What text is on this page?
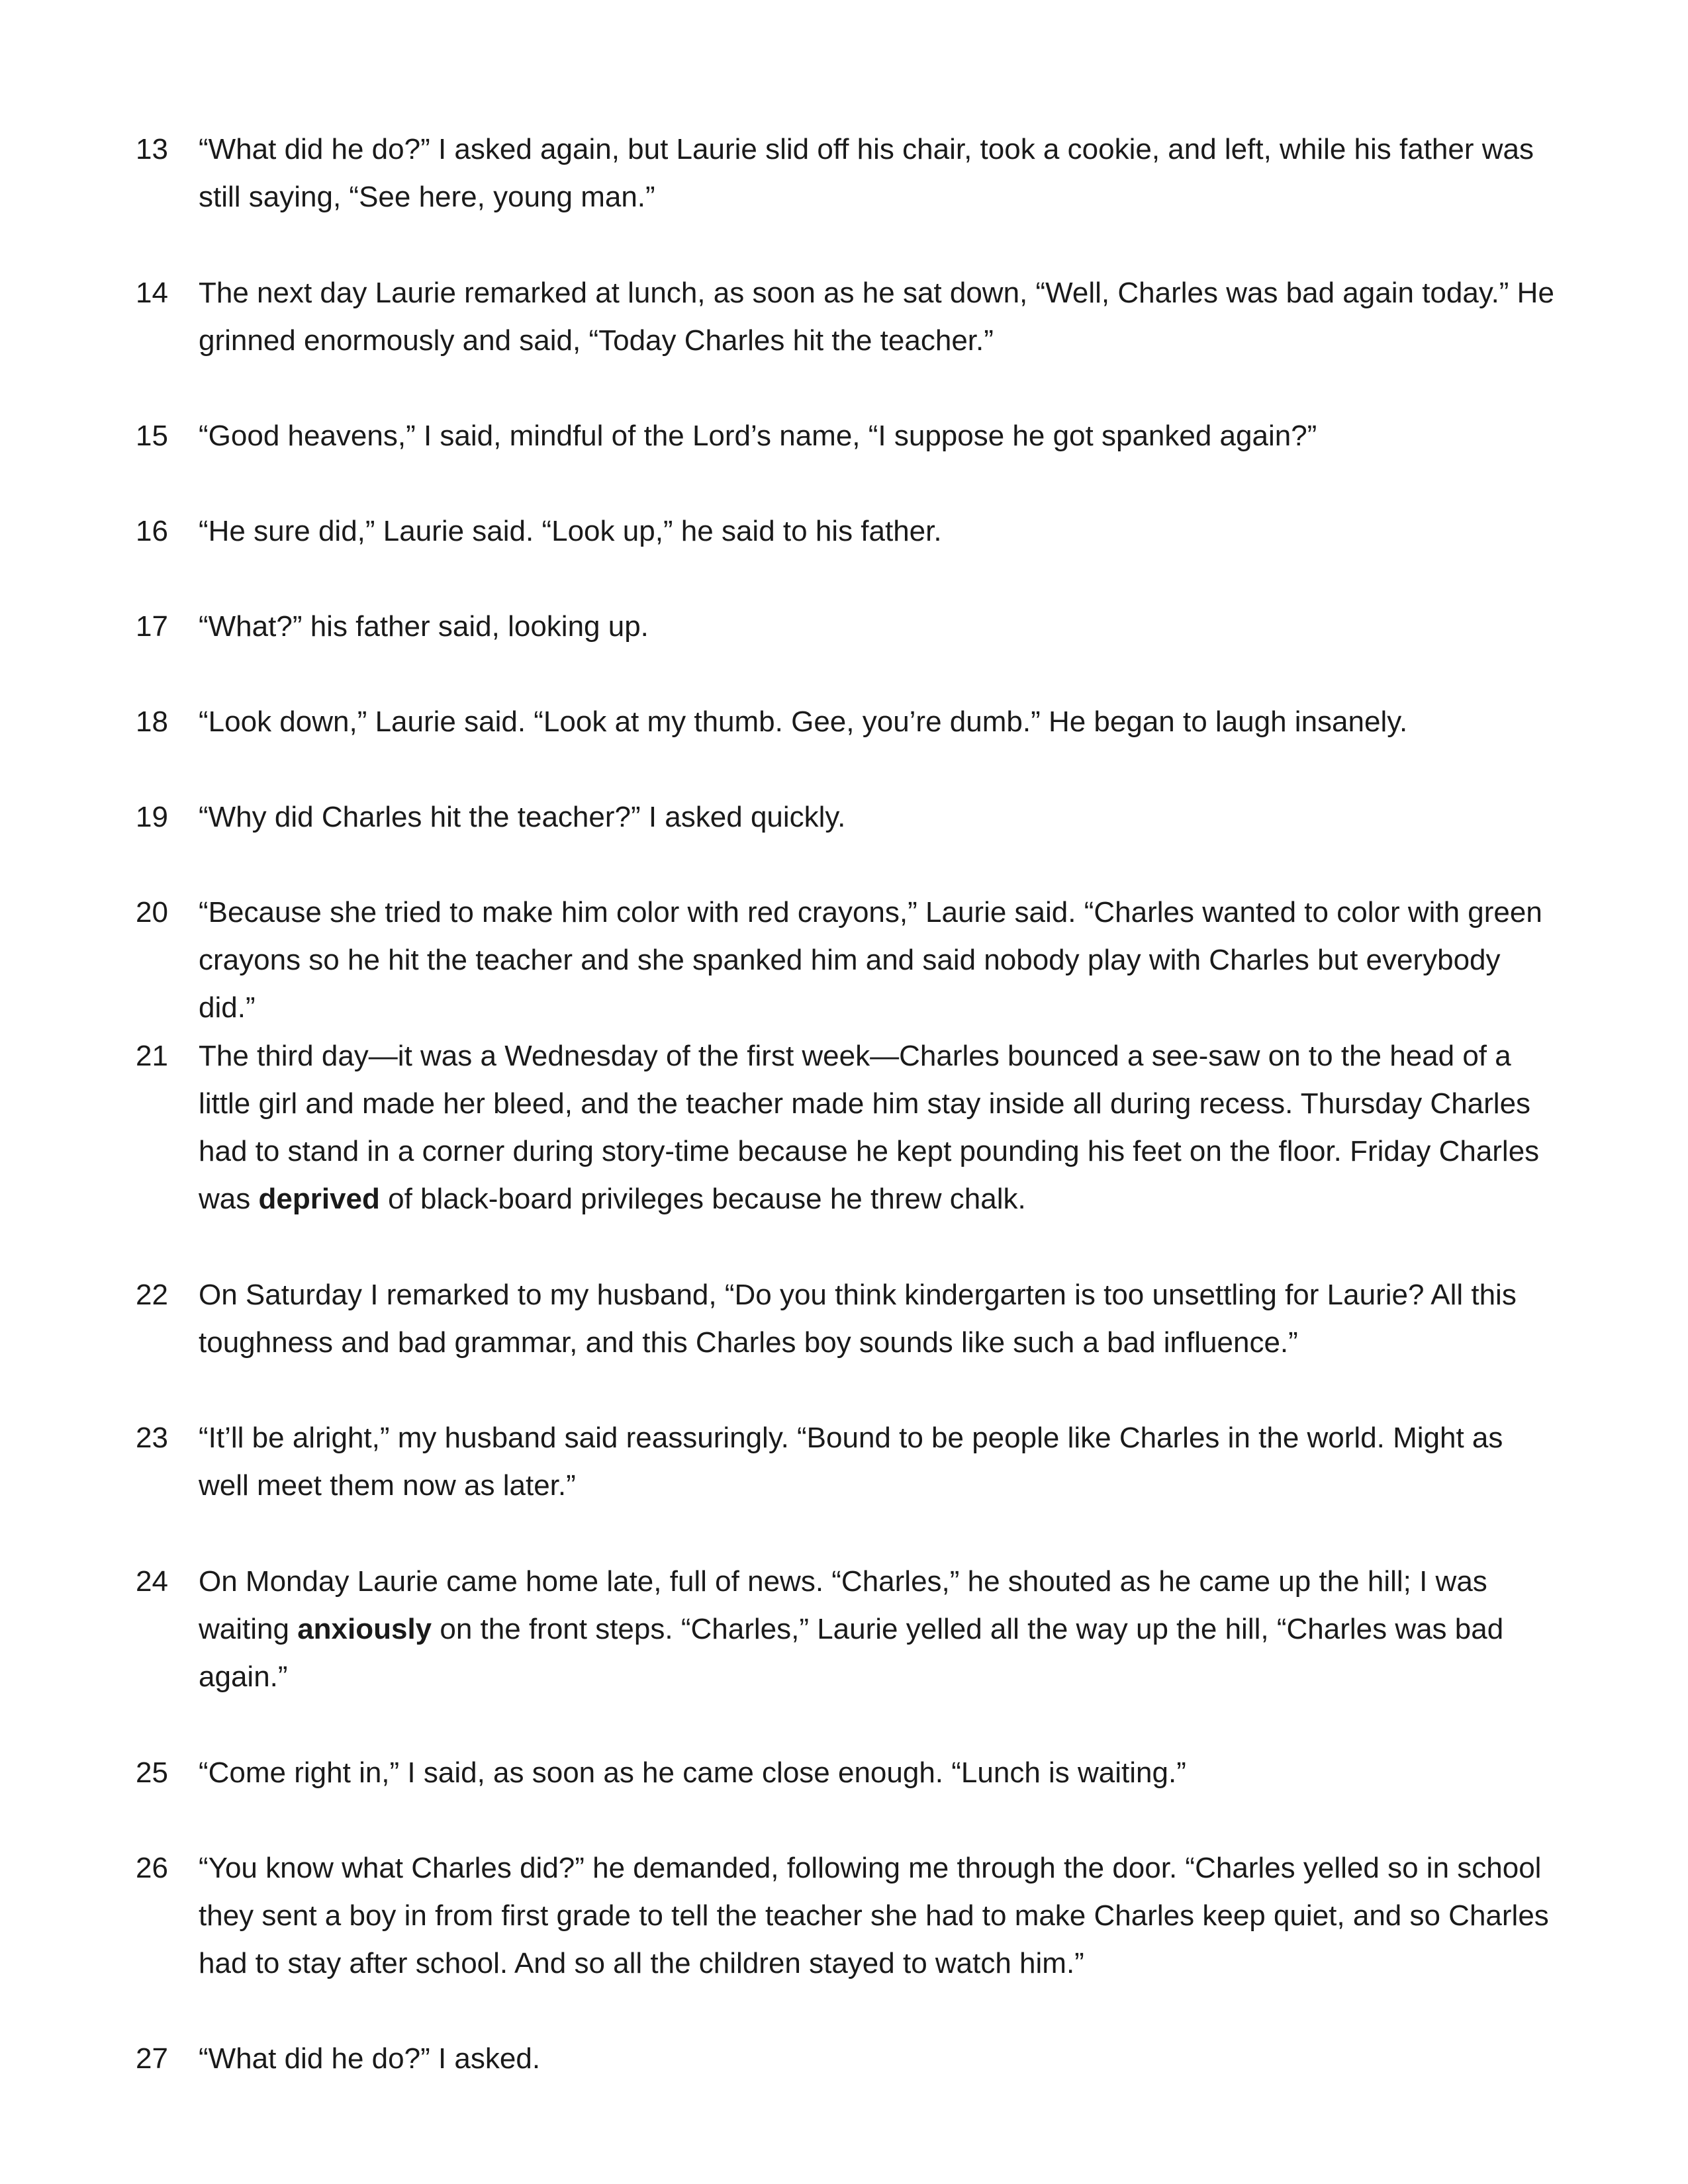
13 “What did he do?” I asked again, but Laurie slid off his chair, took a cookie, and left, while his father was still saying, “See here, young man.”
14 The next day Laurie remarked at lunch, as soon as he sat down, “Well, Charles was bad again today.” He grinned enormously and said, “Today Charles hit the teacher.”
15 “Good heavens,” I said, mindful of the Lord’s name, “I suppose he got spanked again?”
16 “He sure did,” Laurie said. “Look up,” he said to his father.
17 “What?” his father said, looking up.
18 “Look down,” Laurie said. “Look at my thumb. Gee, you’re dumb.” He began to laugh insanely.
19 “Why did Charles hit the teacher?” I asked quickly.
20 “Because she tried to make him color with red crayons,” Laurie said. “Charles wanted to color with green crayons so he hit the teacher and she spanked him and said nobody play with Charles but everybody did.”
21 The third day—it was a Wednesday of the first week—Charles bounced a see-saw on to the head of a little girl and made her bleed, and the teacher made him stay inside all during recess. Thursday Charles had to stand in a corner during story-time because he kept pounding his feet on the floor. Friday Charles was deprived of black-board privileges because he threw chalk.
22 On Saturday I remarked to my husband, “Do you think kindergarten is too unsettling for Laurie? All this toughness and bad grammar, and this Charles boy sounds like such a bad influence.”
23 “It’ll be alright,” my husband said reassuringly. “Bound to be people like Charles in the world. Might as well meet them now as later.”
24 On Monday Laurie came home late, full of news. “Charles,” he shouted as he came up the hill; I was waiting anxiously on the front steps. “Charles,” Laurie yelled all the way up the hill, “Charles was bad again.”
25 “Come right in,” I said, as soon as he came close enough. “Lunch is waiting.”
26 “You know what Charles did?” he demanded, following me through the door. “Charles yelled so in school they sent a boy in from first grade to tell the teacher she had to make Charles keep quiet, and so Charles had to stay after school. And so all the children stayed to watch him.”
27 “What did he do?” I asked.
